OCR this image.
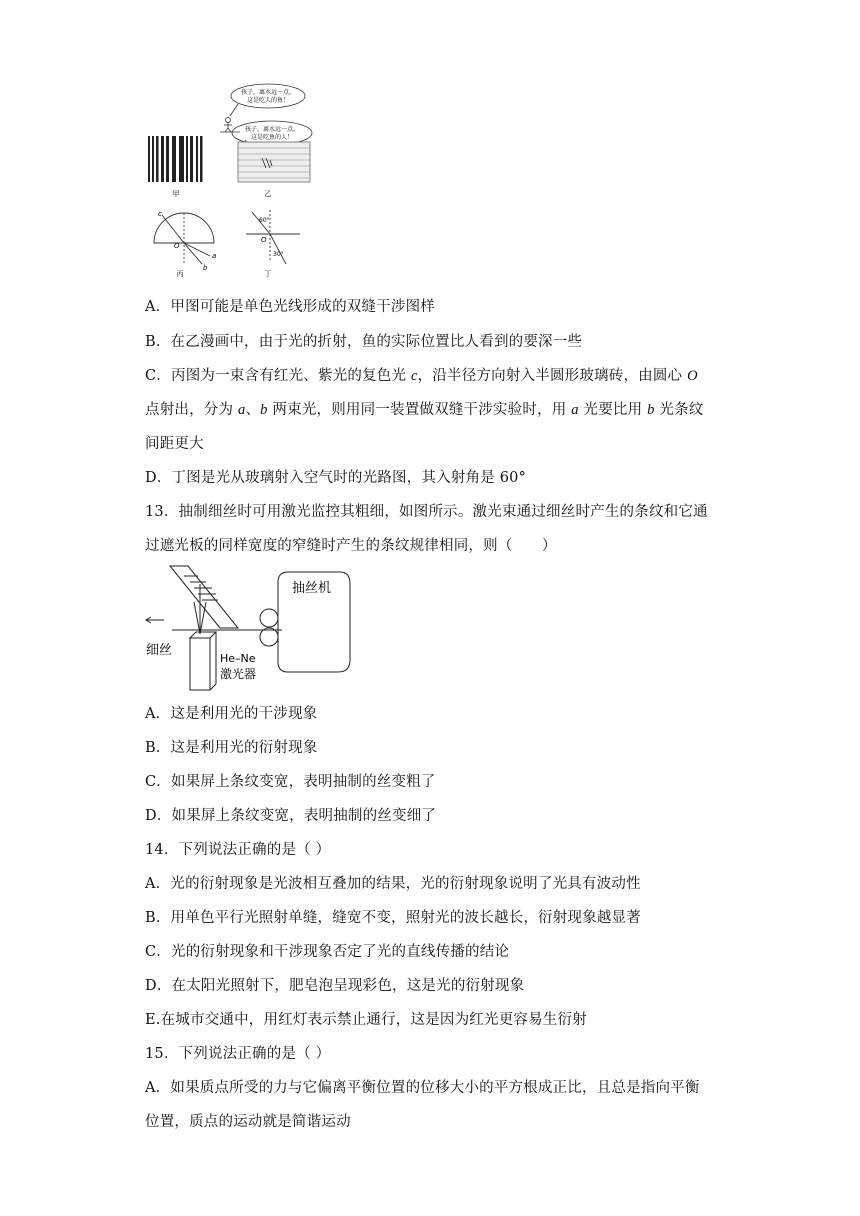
甲
孩子，离水远一点，
这是吃人的鱼！
孩子，离水远一点，
这是吃鱼的人！
乙
c
O
a
b
丙
60°
O
30°
丁
A．甲图可能是单色光线形成的双缝干涉图样
B．在乙漫画中，由于光的折射，鱼的实际位置比人看到的要深一些
C．丙图为一束含有红光、紫光的复色光 c，沿半径方向射入半圆形玻璃砖，由圆心 O
点射出，分为 a、b 两束光，则用同一装置做双缝干涉实验时，用 a 光要比用 b 光条纹
间距更大
D．丁图是光从玻璃射入空气时的光路图，其入射角是 60°
13．抽制细丝时可用激光监控其粗细，如图所示。激光束通过细丝时产生的条纹和它通
过遮光板的同样宽度的窄缝时产生的条纹规律相同，则（　　）
抽丝机
细丝
He–Ne
激光器
A．这是利用光的干涉现象
B．这是利用光的衍射现象
C．如果屏上条纹变宽，表明抽制的丝变粗了
D．如果屏上条纹变宽，表明抽制的丝变细了
14．下列说法正确的是（ ）
A．光的衍射现象是光波相互叠加的结果，光的衍射现象说明了光具有波动性
B．用单色平行光照射单缝，缝宽不变，照射光的波长越长，衍射现象越显著
C．光的衍射现象和干涉现象否定了光的直线传播的结论
D．在太阳光照射下，肥皂泡呈现彩色，这是光的衍射现象
E.在城市交通中，用红灯表示禁止通行，这是因为红光更容易生衍射
15．下列说法正确的是（ ）
A．如果质点所受的力与它偏离平衡位置的位移大小的平方根成正比，且总是指向平衡
位置，质点的运动就是简谐运动
